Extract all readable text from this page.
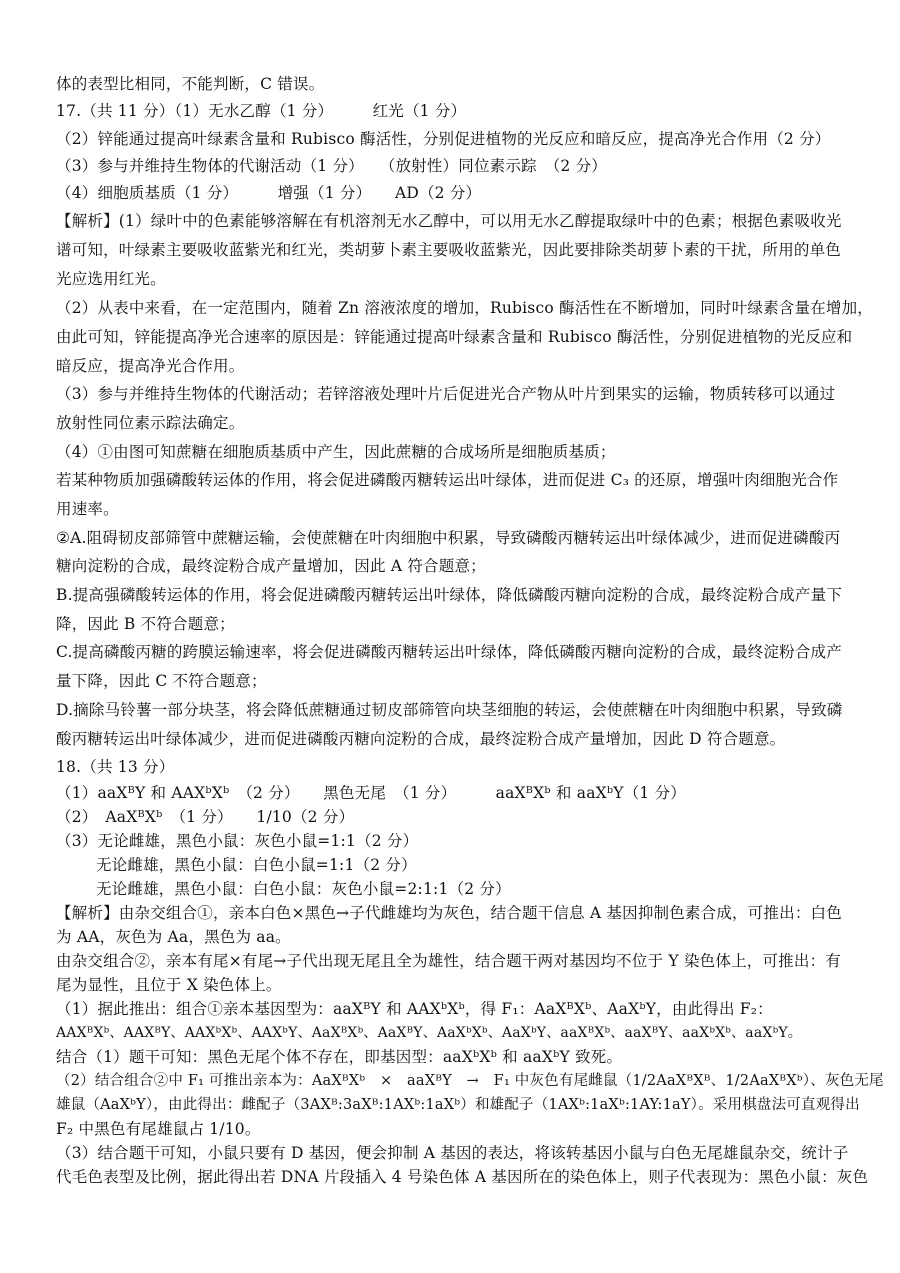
体的表型比相同，不能判断，C 错误。
17.（共 11 分）（1）无水乙醇（1 分）　　　红光（1 分）
（2）锌能通过提高叶绿素含量和 Rubisco 酶活性，分别促进植物的光反应和暗反应，提高净光合作用（2 分）
（3）参与并维持生物体的代谢活动（1 分）　　（放射性）同位素示踪　（2 分）
（4）细胞质基质（1 分）　　　增强（1 分）　　AD（2 分）
【解析】(1）绿叶中的色素能够溶解在有机溶剂无水乙醇中，可以用无水乙醇提取绿叶中的色素；根据色素吸收光
谱可知，叶绿素主要吸收蓝紫光和红光，类胡萝卜素主要吸收蓝紫光，因此要排除类胡萝卜素的干扰，所用的单色
光应选用红光。
（2）从表中来看，在一定范围内，随着 Zn 溶液浓度的增加，Rubisco 酶活性在不断增加，同时叶绿素含量在增加，
由此可知，锌能提高净光合速率的原因是：锌能通过提高叶绿素含量和 Rubisco 酶活性，分别促进植物的光反应和
暗反应，提高净光合作用。
（3）参与并维持生物体的代谢活动；若锌溶液处理叶片后促进光合产物从叶片到果实的运输，物质转移可以通过
放射性同位素示踪法确定。
（4）①由图可知蔗糖在细胞质基质中产生，因此蔗糖的合成场所是细胞质基质；
若某种物质加强磷酸转运体的作用，将会促进磷酸丙糖转运出叶绿体，进而促进 C₃ 的还原，增强叶肉细胞光合作
用速率。
②A.阻碍韧皮部筛管中蔗糖运输，会使蔗糖在叶肉细胞中积累，导致磷酸丙糖转运出叶绿体减少，进而促进磷酸丙
糖向淀粉的合成，最终淀粉合成产量增加，因此 A 符合题意；
B.提高强磷酸转运体的作用，将会促进磷酸丙糖转运出叶绿体，降低磷酸丙糖向淀粉的合成，最终淀粉合成产量下
降，因此 B 不符合题意；
C.提高磷酸丙糖的跨膜运输速率，将会促进磷酸丙糖转运出叶绿体，降低磷酸丙糖向淀粉的合成，最终淀粉合成产
量下降，因此 C 不符合题意；
D.摘除马铃薯一部分块茎，将会降低蔗糖通过韧皮部筛管向块茎细胞的转运，会使蔗糖在叶肉细胞中积累，导致磷
酸丙糖转运出叶绿体减少，进而促进磷酸丙糖向淀粉的合成，最终淀粉合成产量增加，因此 D 符合题意。
18.（共 13 分）
（1）aaXᴮY 和 AAXᵇXᵇ　（2 分）　　黑色无尾　（1 分）　　　aaXᴮXᵇ 和 aaXᵇY（1 分）
（2）　AaXᴮXᵇ　（1 分）　　1/10（2 分）
（3）无论雌雄，黑色小鼠：灰色小鼠=1:1（2 分）
无论雌雄，黑色小鼠：白色小鼠=1:1（2 分）
无论雌雄，黑色小鼠：白色小鼠：灰色小鼠=2:1:1（2 分）
【解析】由杂交组合①，亲本白色×黑色→子代雌雄均为灰色，结合题干信息 A 基因抑制色素合成，可推出：白色
为 AA，灰色为 Aa，黑色为 aa。
由杂交组合②，亲本有尾×有尾→子代出现无尾且全为雄性，结合题干两对基因均不位于 Y 染色体上，可推出：有
尾为显性，且位于 X 染色体上。
（1）据此推出：组合①亲本基因型为：aaXᴮY 和 AAXᵇXᵇ，得 F₁：AaXᴮXᵇ、AaXᵇY，由此得出 F₂：
AAXᴮXᵇ、AAXᴮY、AAXᵇXᵇ、AAXᵇY、AaXᴮXᵇ、AaXᴮY、AaXᵇXᵇ、AaXᵇY、aaXᴮXᵇ、aaXᴮY、aaXᵇXᵇ、aaXᵇY。
结合（1）题干可知：黑色无尾个体不存在，即基因型：aaXᵇXᵇ 和 aaXᵇY 致死。
（2）结合组合②中 F₁ 可推出亲本为：AaXᴮXᵇ　×　aaXᴮY　→　F₁ 中灰色有尾雌鼠（1/2AaXᴮXᴮ、1/2AaXᴮXᵇ）、灰色无尾
雄鼠（AaXᵇY），由此得出：雌配子（3AXᴮ:3aXᴮ:1AXᵇ:1aXᵇ）和雄配子（1AXᵇ:1aXᵇ:1AY:1aY）。采用棋盘法可直观得出
F₂ 中黑色有尾雄鼠占 1/10。
（3）结合题干可知，小鼠只要有 D 基因，便会抑制 A 基因的表达，将该转基因小鼠与白色无尾雄鼠杂交，统计子
代毛色表型及比例，据此得出若 DNA 片段插入 4 号染色体 A 基因所在的染色体上，则子代表现为：黑色小鼠：灰色
